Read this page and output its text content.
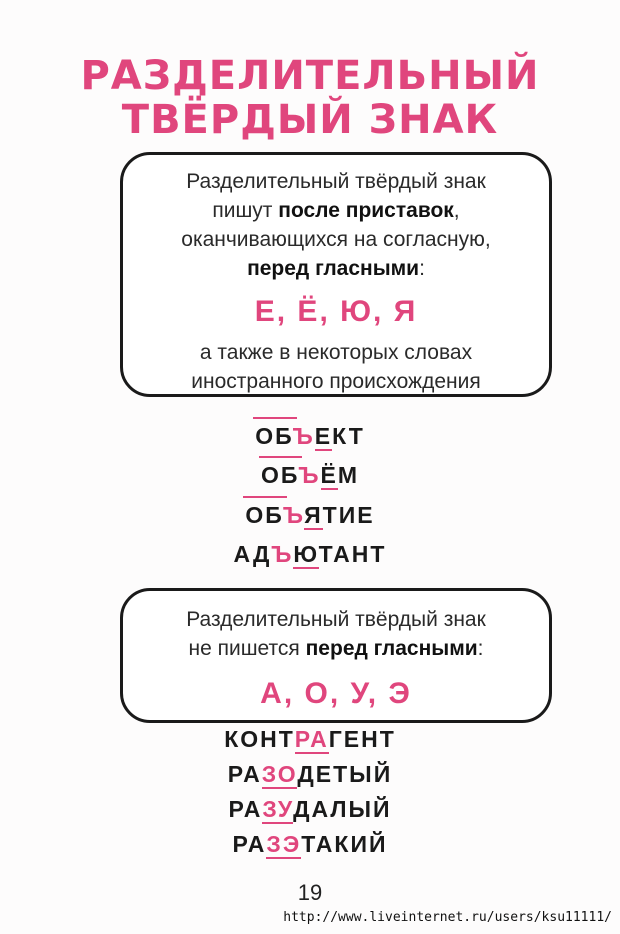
РАЗДЕЛИТЕЛЬНЫЙ
ТВЁРДЫЙ ЗНАК
Разделительный твёрдый знак
пишут после приставок,
оканчивающихся на согласную,
перед гласными:
Е, Ё, Ю, Я
а также в некоторых словах
иностранного происхождения
ОБЪЕКТ
ОБЪЁМ
ОБЪЯТИЕ
АДЪЮТАНТ
Разделительный твёрдый знак
не пишется перед гласными:
А, О, У, Э
КОНТРАГЕНТ
РАЗОДЕТЫЙ
РАЗУДАЛЫЙ
РАЗЭТАКИЙ
19
http://www.liveinternet.ru/users/ksu11111/
